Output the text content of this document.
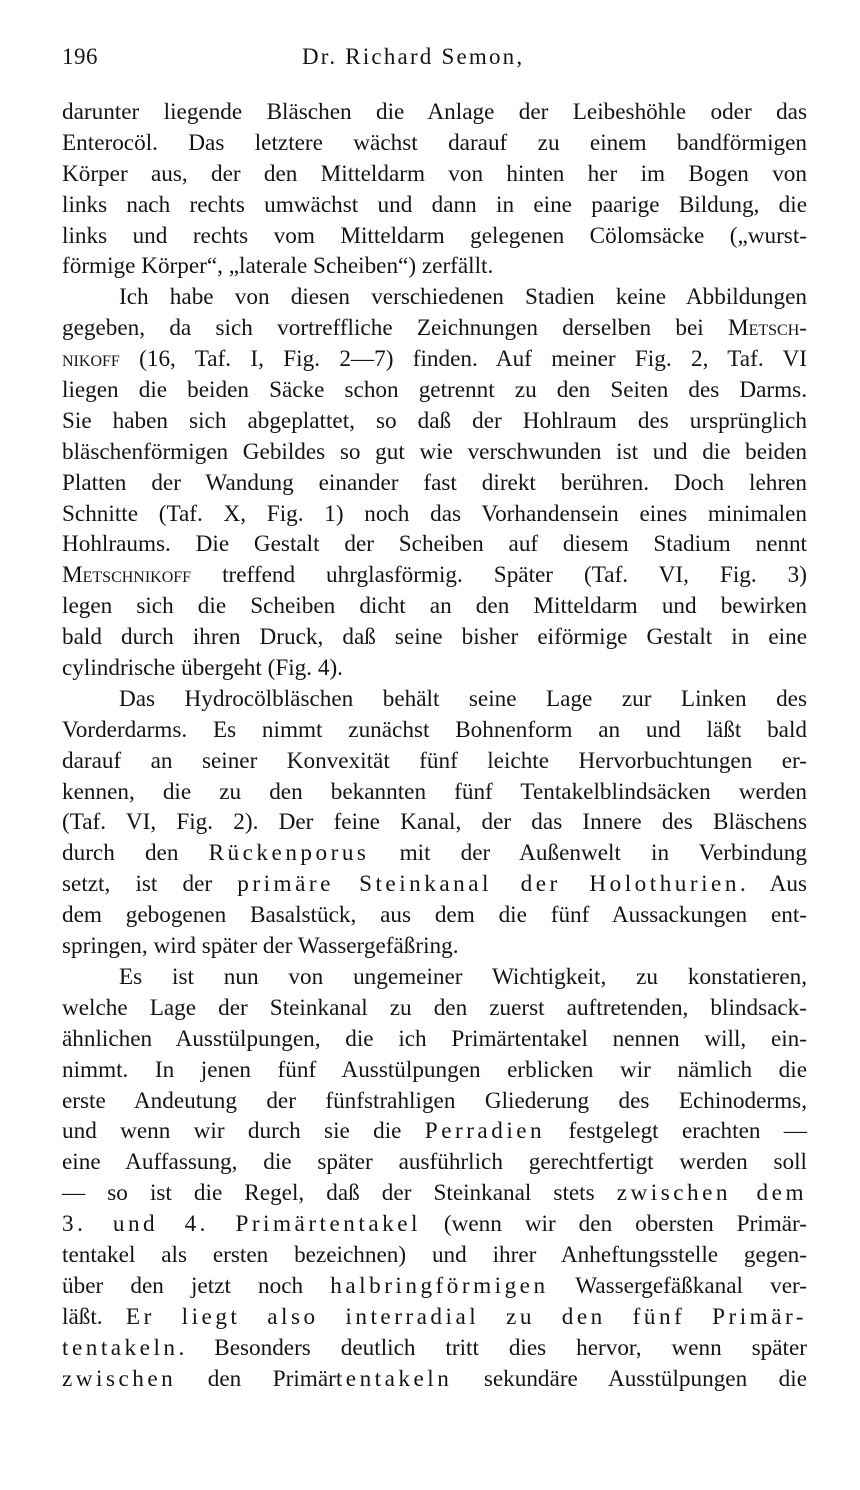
196	Dr. Richard Semon,
darunter liegende Bläschen die Anlage der Leibeshöhle oder das
Enterocöl. Das letztere wächst darauf zu einem bandförmigen
Körper aus, der den Mitteldarm von hinten her im Bogen von
links nach rechts umwächst und dann in eine paarige Bildung, die
links und rechts vom Mitteldarm gelegenen Cölomsäcke („wurst-
förmige Körper“, „laterale Scheiben“) zerfällt.
Ich habe von diesen verschiedenen Stadien keine Abbildungen
gegeben, da sich vortreffliche Zeichnungen derselben bei Metsch-
nikoff (16, Taf. I, Fig. 2—7) finden. Auf meiner Fig. 2, Taf. VI
liegen die beiden Säcke schon getrennt zu den Seiten des Darms.
Sie haben sich abgeplattet, so daß der Hohlraum des ursprünglich
bläschenförmigen Gebildes so gut wie verschwunden ist und die beiden
Platten der Wandung einander fast direkt berühren. Doch lehren
Schnitte (Taf. X, Fig. 1) noch das Vorhandensein eines minimalen
Hohlraums. Die Gestalt der Scheiben auf diesem Stadium nennt
Metschnikoff treffend uhrglasförmig. Später (Taf. VI, Fig. 3)
legen sich die Scheiben dicht an den Mitteldarm und bewirken
bald durch ihren Druck, daß seine bisher eiförmige Gestalt in eine
cylindrische übergeht (Fig. 4).
Das Hydrocölbläschen behält seine Lage zur Linken des
Vorderdarms. Es nimmt zunächst Bohnenform an und läßt bald
darauf an seiner Konvexität fünf leichte Hervorbuchtungen er-
kennen, die zu den bekannten fünf Tentakelblindsäcken werden
(Taf. VI, Fig. 2). Der feine Kanal, der das Innere des Bläschens
durch den Rückenporus mit der Außenwelt in Verbindung
setzt, ist der primäre Steinkanal der Holothurien. Aus
dem gebogenen Basalstück, aus dem die fünf Aussackungen ent-
springen, wird später der Wassergefäßring.
Es ist nun von ungemeiner Wichtigkeit, zu konstatieren,
welche Lage der Steinkanal zu den zuerst auftretenden, blindsack-
ähnlichen Ausstülpungen, die ich Primärtentakel nennen will, ein-
nimmt. In jenen fünf Ausstülpungen erblicken wir nämlich die
erste Andeutung der fünfstrahligen Gliederung des Echinoderms,
und wenn wir durch sie die Perradien festgelegt erachten —
eine Auffassung, die später ausführlich gerechtfertigt werden soll
— so ist die Regel, daß der Steinkanal stets zwischen dem
3. und 4. Primärtentakel (wenn wir den obersten Primär-
tentakel als ersten bezeichnen) und ihrer Anheftungsstelle gegen-
über den jetzt noch halbringförmigen Wassergefäßkanal ver-
läßt. Er liegt also interradial zu den fünf Primär-
tentakeln. Besonders deutlich tritt dies hervor, wenn später
zwischen den Primärtentakeln sekundäre Ausstülpungen die
